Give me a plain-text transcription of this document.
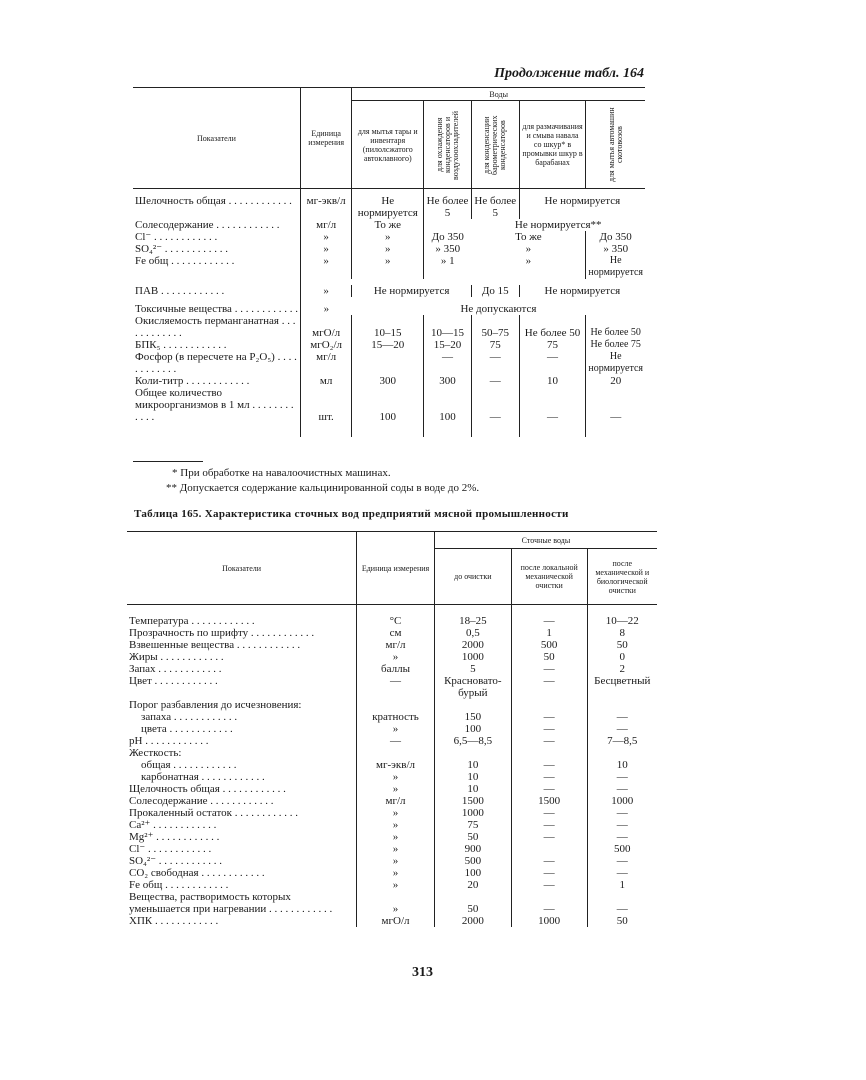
Продолжение табл. 164
Показатели	Единица измерения	Воды				
		для мытья тары и инвентаря (пилолсжатого автоклавного)	для охлаждения конденсаторов и воздухоохладителей	для конденсации барометрических конденсаторов	для размачивания и смыва навала со шкур* в промывки шкур в барабанах	для мытья автомашин скотовозов

Шелочность общая . . .	мг-экв/л	Не нормируется	Не более 5	Не более 5	Не нормируется	
Солесодержание . . .	мг/л	То же		Не нормируется**		
Cl⁻ . . .	»	»	До 350	То же		До 350
SO₄²⁻ . . .	»	»	» 350	»		» 350
Fe общ . . .	»	»	» 1	»		Не нормируется

ПАВ . . .	»	Не нормируется		До 15	Не нормируется	

Токсичные вещества . . .	»	Не допускаются				
Окисляемость перманганатная . . .	мгО/л	10–15	10—15	50–75	Не более 50	Не более 50
БПК₅ . . .	мгО₂/л	15—20	15–20	75	75	Не более 75
Фосфор (в пересчете на P₂O₅) . . .	мг/л		—	—	—	Не нормируется
Коли-титр . . .	мл	300	300	—	10	20
Общее количество микроорганизмов в 1 мл . . .	шт.	100	100	—	—	—

* При обработке на навалоочистных машинах.
** Допускается содержание кальцинированной соды в воде до 2%.
Таблица 165. Характеристика сточных вод предприятий мясной промышленности
Показатели	Единица измерения	Сточные воды		
		до очистки	после локальной механической очистки	после механической и биологической очистки

Температура . . .	°С	18–25	—	10—22
Прозрачность по шрифту . . .	см	0,5	1	8
Взвешенные вещества . . .	мг/л	2000	500	50
Жиры . . .	»	1000	50	0
Запах . . .	баллы	5	—	2
Цвет . . .	—	Красновато-бурый	—	Бесцветный
Порог разбавления до исчезновения:				
запаха . . .	кратность	150	—	—
цвета . . .	»	100	—	—
pH . . .	—	6,5—8,5	—	7—8,5
Жесткость:				
общая . . .	мг-экв/л	10	—	10
карбонатная . . .	»	10	—	—
Щелочность общая . . .	»	10	—	—
Солесодержание . . .	мг/л	1500	1500	1000
Прокаленный остаток . . .	»	1000	—	—
Ca²⁺ . . .	»	75	—	—
Mg²⁺ . . .	»	50	—	—
Cl⁻ . . .	»	900		500
SO₄²⁻ . . .	»	500	—	—
CO₂ свободная . . .	»	100	—	—
Fe общ . . .	»	20	—	1
Вещества, растворимость которых уменьшается при нагревании . . .	»	50	—	—
ХПК . . .	мгО/л	2000	1000	50
313
